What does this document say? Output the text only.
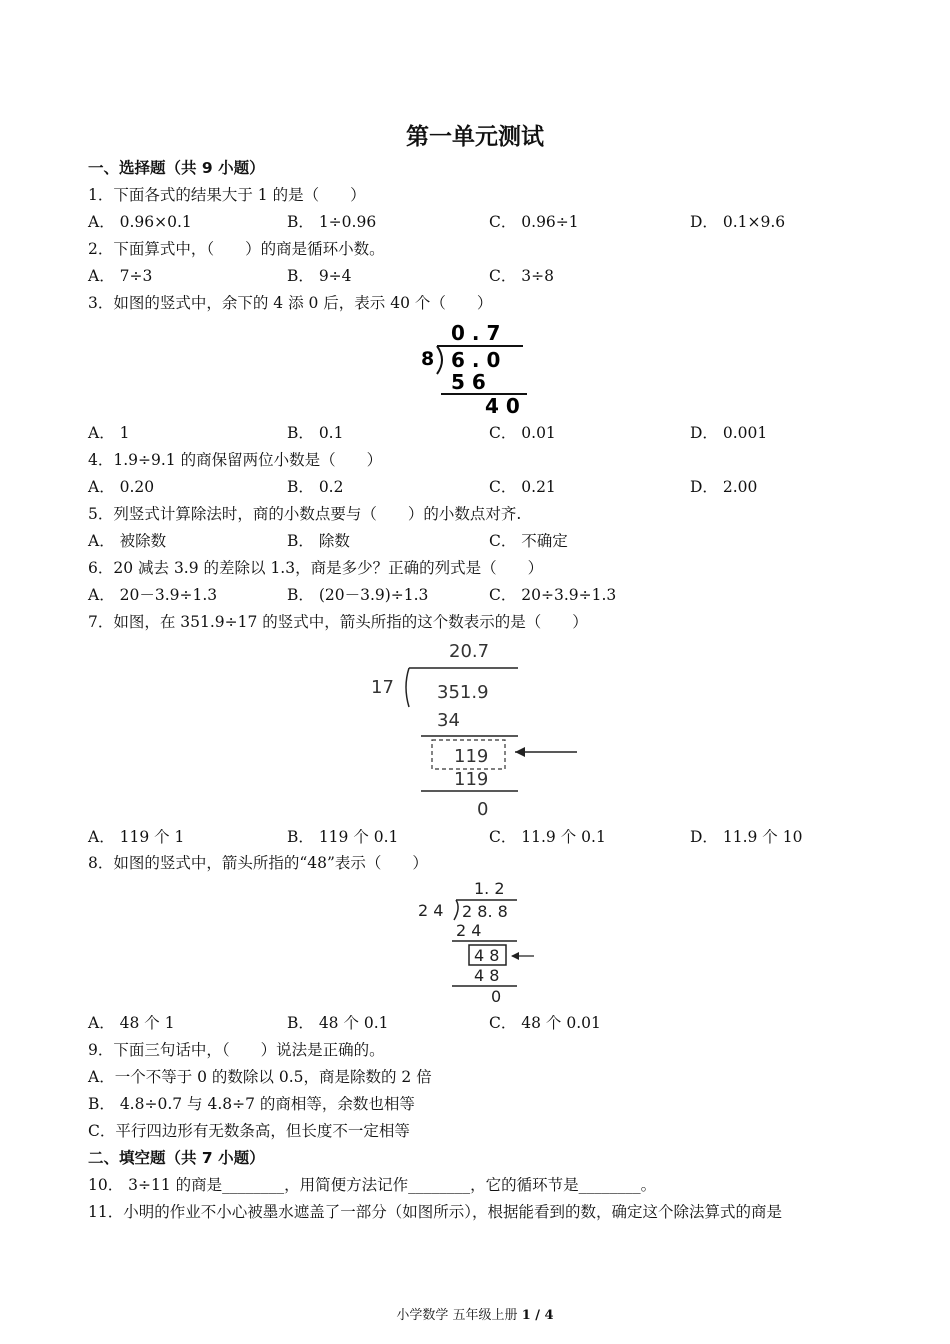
第一单元测试
一、选择题（共 9 小题）
1．下面各式的结果大于 1 的是（　　）
A． 0.96×0.1	B． 1÷0.96	C． 0.96÷1	D． 0.1×9.6
2．下面算式中，（　　）的商是循环小数。
A． 7÷3	B． 9÷4	C． 3÷8
3．如图的竖式中，余下的 4 添 0 后，表示 40 个（　　）
0 . 7
8 6 . 0
5 6
4 0
A． 1	B． 0.1	C． 0.01	D． 0.001
4．1.9÷9.1 的商保留两位小数是（　　）
A． 0.20	B． 0.2	C． 0.21	D． 2.00
5．列竖式计算除法时，商的小数点要与（　　）的小数点对齐.
A． 被除数	B． 除数	C． 不确定
6．20 减去 3.9 的差除以 1.3，商是多少？正确的列式是（　　）
A． 20－3.9÷1.3	B． (20－3.9)÷1.3	C． 20÷3.9÷1.3
7．如图，在 351.9÷17 的竖式中，箭头所指的这个数表示的是（　　）
20.7
17 351.9
34
119
119
0
A． 119 个 1	B． 119 个 0.1	C． 11.9 个 0.1	D． 11.9 个 10
8．如图的竖式中，箭头所指的“48”表示（　　）
1. 2
2 4 2 8. 8
2 4
4 8
4 8
0
A． 48 个 1	B． 48 个 0.1	C． 48 个 0.01
9．下面三句话中，（　　）说法是正确的。
A．一个不等于 0 的数除以 0.5，商是除数的 2 倍
B． 4.8÷0.7 与 4.8÷7 的商相等，余数也相等
C．平行四边形有无数条高，但长度不一定相等
二、填空题（共 7 小题）
10． 3÷11 的商是________，用简便方法记作________，它的循环节是________。
11．小明的作业不小心被墨水遮盖了一部分（如图所示），根据能看到的数，确定这个除法算式的商是
小学数学 五年级上册 1 / 4
